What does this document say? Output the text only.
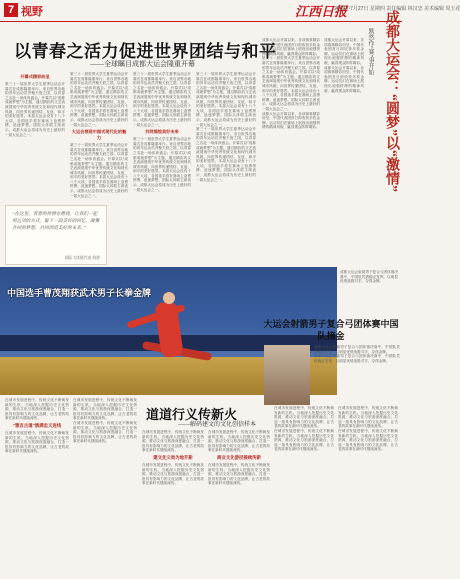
7 视野	江西日报
2023年7月27日 星期四 责任编辑 林汉忠 美术编辑 周玉花
以青春之活力促进世界团结与和平
——全球瞩目成都大运会隆重开幕
开幕式精彩纷呈

第三十一届世界大学生夏季运动会开幕式在成都隆重举行。来自世界各地的青年运动员齐聚天府之国，以青春之名赴一场体育盛会。开幕式以“成都成就梦想”为主题，通过精彩的文艺表演展现中华优秀传统文化和现代城市风貌，向世界传递团结、友谊、和平的美好愿景。本届大运会设有十八个大项，各国选手将在赛场上奋勇拼搏、追逐梦想。国际大体联主席表示，成都大运会将成为历史上最好的一届大运会之一。

第三十一届世界大学生夏季运动会开幕式在成都隆重举行。来自世界各地的青年运动员齐聚天府之国，以青春之名赴一场体育盛会。开幕式以“成都成就梦想”为主题，通过精彩的文艺表演展现中华优秀传统文化和现代城市风貌，向世界传递团结、友谊、和平的美好愿景。本届大运会设有十八个大项，各国选手将在赛场上奋勇拼搏、追逐梦想。国际大体联主席表示，成都大运会将成为历史上最好的一届大运会之一。

大运会展现中国式现代化的魅力

第三十一届世界大学生夏季运动会开幕式在成都隆重举行。来自世界各地的青年运动员齐聚天府之国，以青春之名赴一场体育盛会。开幕式以“成都成就梦想”为主题，通过精彩的文艺表演展现中华优秀传统文化和现代城市风貌，向世界传递团结、友谊、和平的美好愿景。本届大运会设有十八个大项，各国选手将在赛场上奋勇拼搏、追逐梦想。国际大体联主席表示，成都大运会将成为历史上最好的一届大运会之一。

第三十一届世界大学生夏季运动会开幕式在成都隆重举行。来自世界各地的青年运动员齐聚天府之国，以青春之名赴一场体育盛会。开幕式以“成都成就梦想”为主题，通过精彩的文艺表演展现中华优秀传统文化和现代城市风貌，向世界传递团结、友谊、和平的美好愿景。本届大运会设有十八个大项，各国选手将在赛场上奋勇拼搏、追逐梦想。国际大体联主席表示，成都大运会将成为历史上最好的一届大运会之一。

共同描绘美好未来

第三十一届世界大学生夏季运动会开幕式在成都隆重举行。来自世界各地的青年运动员齐聚天府之国，以青春之名赴一场体育盛会。开幕式以“成都成就梦想”为主题，通过精彩的文艺表演展现中华优秀传统文化和现代城市风貌，向世界传递团结、友谊、和平的美好愿景。本届大运会设有十八个大项，各国选手将在赛场上奋勇拼搏、追逐梦想。国际大体联主席表示，成都大运会将成为历史上最好的一届大运会之一。

第三十一届世界大学生夏季运动会开幕式在成都隆重举行。来自世界各地的青年运动员齐聚天府之国，以青春之名赴一场体育盛会。开幕式以“成都成就梦想”为主题，通过精彩的文艺表演展现中华优秀传统文化和现代城市风貌，向世界传递团结、友谊、和平的美好愿景。本届大运会设有十八个大项，各国选手将在赛场上奋勇拼搏、追逐梦想。国际大体联主席表示，成都大运会将成为历史上最好的一届大运会之一。

第三十一届世界大学生夏季运动会开幕式在成都隆重举行。来自世界各地的青年运动员齐聚天府之国，以青春之名赴一场体育盛会。开幕式以“成都成就梦想”为主题，通过精彩的文艺表演展现中华优秀传统文化和现代城市风貌，向世界传递团结、友谊、和平的美好愿景。本届大运会设有十八个大项，各国选手将在赛场上奋勇拼搏、追逐梦想。国际大体联主席表示，成都大运会将成为历史上最好的一届大运会之一。

成都大运会开幕以来，各项赛事精彩纷呈，中国代表团首日即收获多枚金牌。运动员们在赛场上展现出顽强拼搏的精神风貌，赢得观众阵阵喝彩。

第三十一届世界大学生夏季运动会开幕式在成都隆重举行。来自世界各地的青年运动员齐聚天府之国，以青春之名赴一场体育盛会。开幕式以“成都成就梦想”为主题，通过精彩的文艺表演展现中华优秀传统文化和现代城市风貌，向世界传递团结、友谊、和平的美好愿景。本届大运会设有十八个大项，各国选手将在赛场上奋勇拼搏、追逐梦想。国际大体联主席表示，成都大运会将成为历史上最好的一届大运会之一。

成都大运会开幕以来，各项赛事精彩纷呈，中国代表团首日即收获多枚金牌。运动员们在赛场上展现出顽强拼搏的精神风貌，赢得观众阵阵喝彩。

成都大运会开幕以来，各项赛事精彩纷呈，中国代表团首日即收获多枚金牌。运动员们在赛场上展现出顽强拼搏的精神风貌，赢得观众阵阵喝彩。

成都大运会开幕以来，各项赛事精彩纷呈，中国代表团首日即收获多枚金牌。运动员们在赛场上展现出顽强拼搏的精神风貌，赢得观众阵阵喝彩。	成都大运会：“圆梦”以“激情”
默然作“赛”事开始
“在这里，青春的热情在燃烧，让我们一起用运动的方式，留下一段美好的回忆，凝聚共同的梦想，共同创造美好的未来。”
国际大体联代表 致辞
中国选手曹茂翔获武术男子长拳金牌

成都大运会射箭男子复合弓团体赛决赛中，中国队凭借稳定发挥，以明显优势战胜对手，夺得金牌。

大运会射箭男子复合弓团体赛中国队摘金

成都大运会射箭男子复合弓团体赛决赛中，中国队凭借稳定发挥，以明显优势战胜对手，夺得金牌。

成都大运会射箭男子复合弓团体赛决赛中，中国队凭借稳定发挥，以明显优势战胜对手，夺得金牌。

在城市发展进程中，传统文化不断焕发新的生机。当地深入挖掘历史文化资源，推动文化与旅游深度融合，打造一批具有影响力的文化品牌，让古老的故事在新时代继续流传。

“雅言古道”酒满忠义连线

在城市发展进程中，传统文化不断焕发新的生机。当地深入挖掘历史文化资源，推动文化与旅游深度融合，打造一批具有影响力的文化品牌，让古老的故事在新时代继续流传。

在城市发展进程中，传统文化不断焕发新的生机。当地深入挖掘历史文化资源，推动文化与旅游深度融合，打造一批具有影响力的文化品牌，让古老的故事在新时代继续流传。

在城市发展进程中，传统文化不断焕发新的生机。当地深入挖掘历史文化资源，推动文化与旅游深度融合，打造一批具有影响力的文化品牌，让古老的故事在新时代继续流传。

道道行义传新火
——解码建文的文化创信样本

在城市发展进程中，传统文化不断焕发新的生机。当地深入挖掘历史文化资源，推动文化与旅游深度融合，打造一批具有影响力的文化品牌，让古老的故事在新时代继续流传。

建文先义尚为地开新

在城市发展进程中，传统文化不断焕发新的生机。当地深入挖掘历史文化资源，推动文化与旅游深度融合，打造一批具有影响力的文化品牌，让古老的故事在新时代继续流传。

在城市发展进程中，传统文化不断焕发新的生机。当地深入挖掘历史文化资源，推动文化与旅游深度融合，打造一批具有影响力的文化品牌，让古老的故事在新时代继续流传。

商业文化游径接续传新

在城市发展进程中，传统文化不断焕发新的生机。当地深入挖掘历史文化资源，推动文化与旅游深度融合，打造一批具有影响力的文化品牌，让古老的故事在新时代继续流传。

在城市发展进程中，传统文化不断焕发新的生机。当地深入挖掘历史文化资源，推动文化与旅游深度融合，打造一批具有影响力的文化品牌，让古老的故事在新时代继续流传。

在城市发展进程中，传统文化不断焕发新的生机。当地深入挖掘历史文化资源，推动文化与旅游深度融合，打造一批具有影响力的文化品牌，让古老的故事在新时代继续流传。

在城市发展进程中，传统文化不断焕发新的生机。当地深入挖掘历史文化资源，推动文化与旅游深度融合，打造一批具有影响力的文化品牌，让古老的故事在新时代继续流传。

在城市发展进程中，传统文化不断焕发新的生机。当地深入挖掘历史文化资源，推动文化与旅游深度融合，打造一批具有影响力的文化品牌，让古老的故事在新时代继续流传。
